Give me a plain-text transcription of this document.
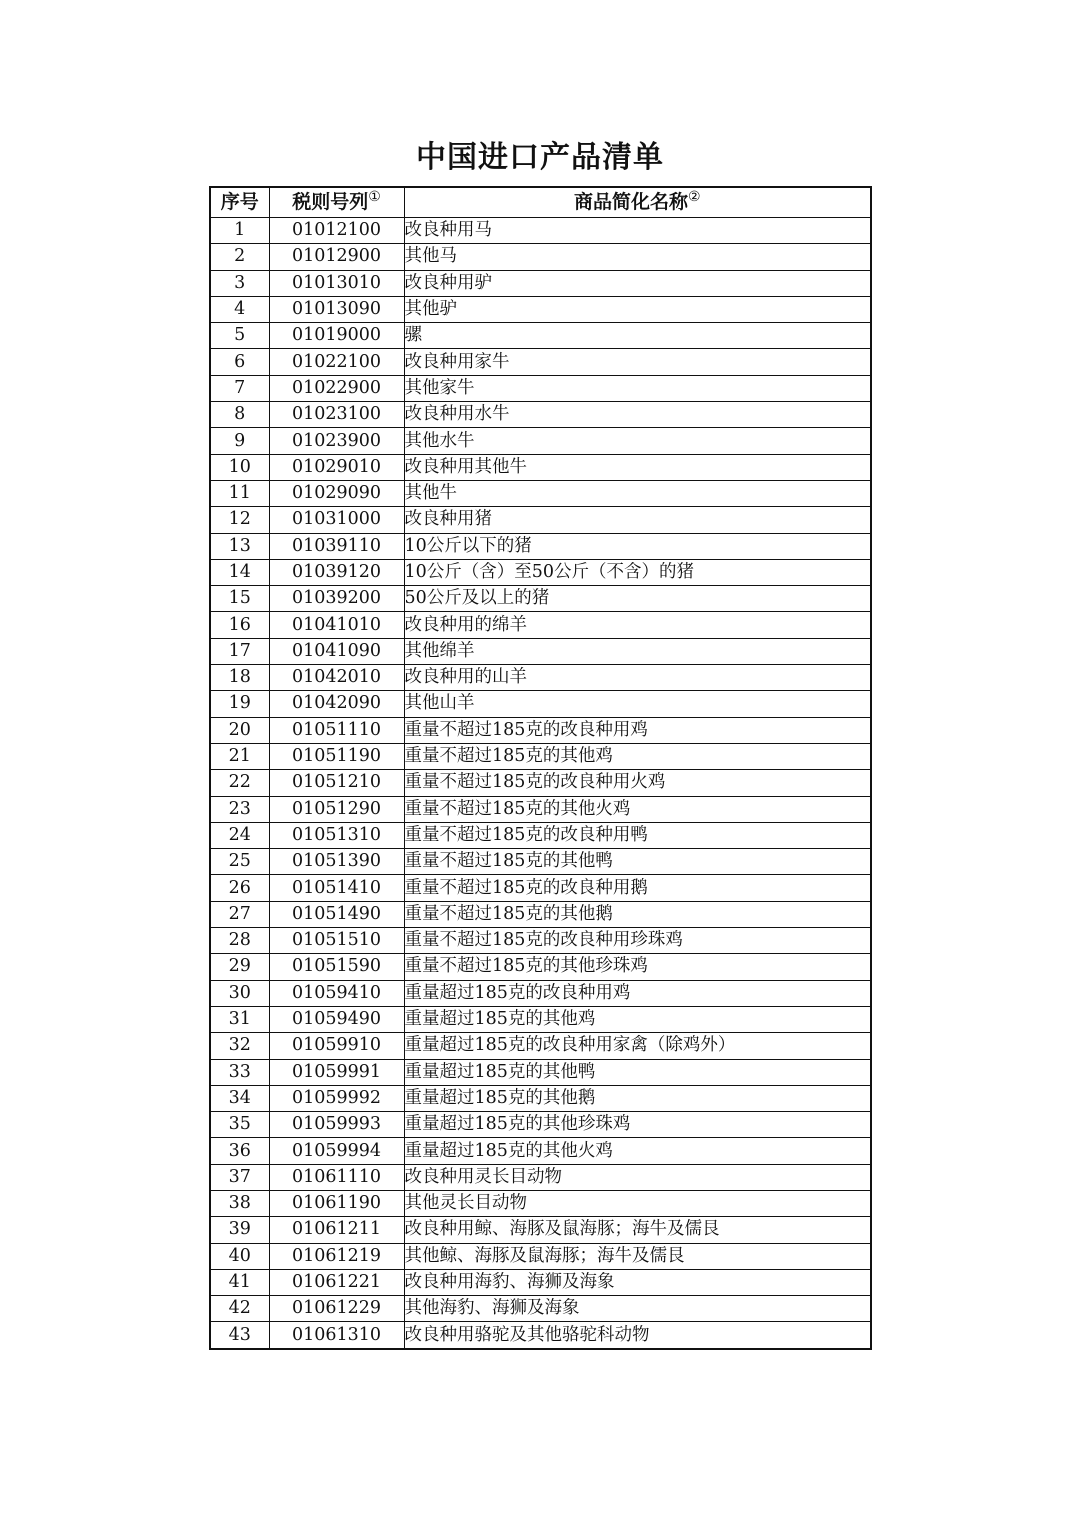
中国进口产品清单
序号	税则号列①	商品简化名称②
1	01012100	改良种用马
2	01012900	其他马
3	01013010	改良种用驴
4	01013090	其他驴
5	01019000	骡
6	01022100	改良种用家牛
7	01022900	其他家牛
8	01023100	改良种用水牛
9	01023900	其他水牛
10	01029010	改良种用其他牛
11	01029090	其他牛
12	01031000	改良种用猪
13	01039110	10公斤以下的猪
14	01039120	10公斤（含）至50公斤（不含）的猪
15	01039200	50公斤及以上的猪
16	01041010	改良种用的绵羊
17	01041090	其他绵羊
18	01042010	改良种用的山羊
19	01042090	其他山羊
20	01051110	重量不超过185克的改良种用鸡
21	01051190	重量不超过185克的其他鸡
22	01051210	重量不超过185克的改良种用火鸡
23	01051290	重量不超过185克的其他火鸡
24	01051310	重量不超过185克的改良种用鸭
25	01051390	重量不超过185克的其他鸭
26	01051410	重量不超过185克的改良种用鹅
27	01051490	重量不超过185克的其他鹅
28	01051510	重量不超过185克的改良种用珍珠鸡
29	01051590	重量不超过185克的其他珍珠鸡
30	01059410	重量超过185克的改良种用鸡
31	01059490	重量超过185克的其他鸡
32	01059910	重量超过185克的改良种用家禽（除鸡外）
33	01059991	重量超过185克的其他鸭
34	01059992	重量超过185克的其他鹅
35	01059993	重量超过185克的其他珍珠鸡
36	01059994	重量超过185克的其他火鸡
37	01061110	改良种用灵长目动物
38	01061190	其他灵长目动物
39	01061211	改良种用鲸、海豚及鼠海豚；海牛及儒艮
40	01061219	其他鲸、海豚及鼠海豚；海牛及儒艮
41	01061221	改良种用海豹、海狮及海象
42	01061229	其他海豹、海狮及海象
43	01061310	改良种用骆驼及其他骆驼科动物
